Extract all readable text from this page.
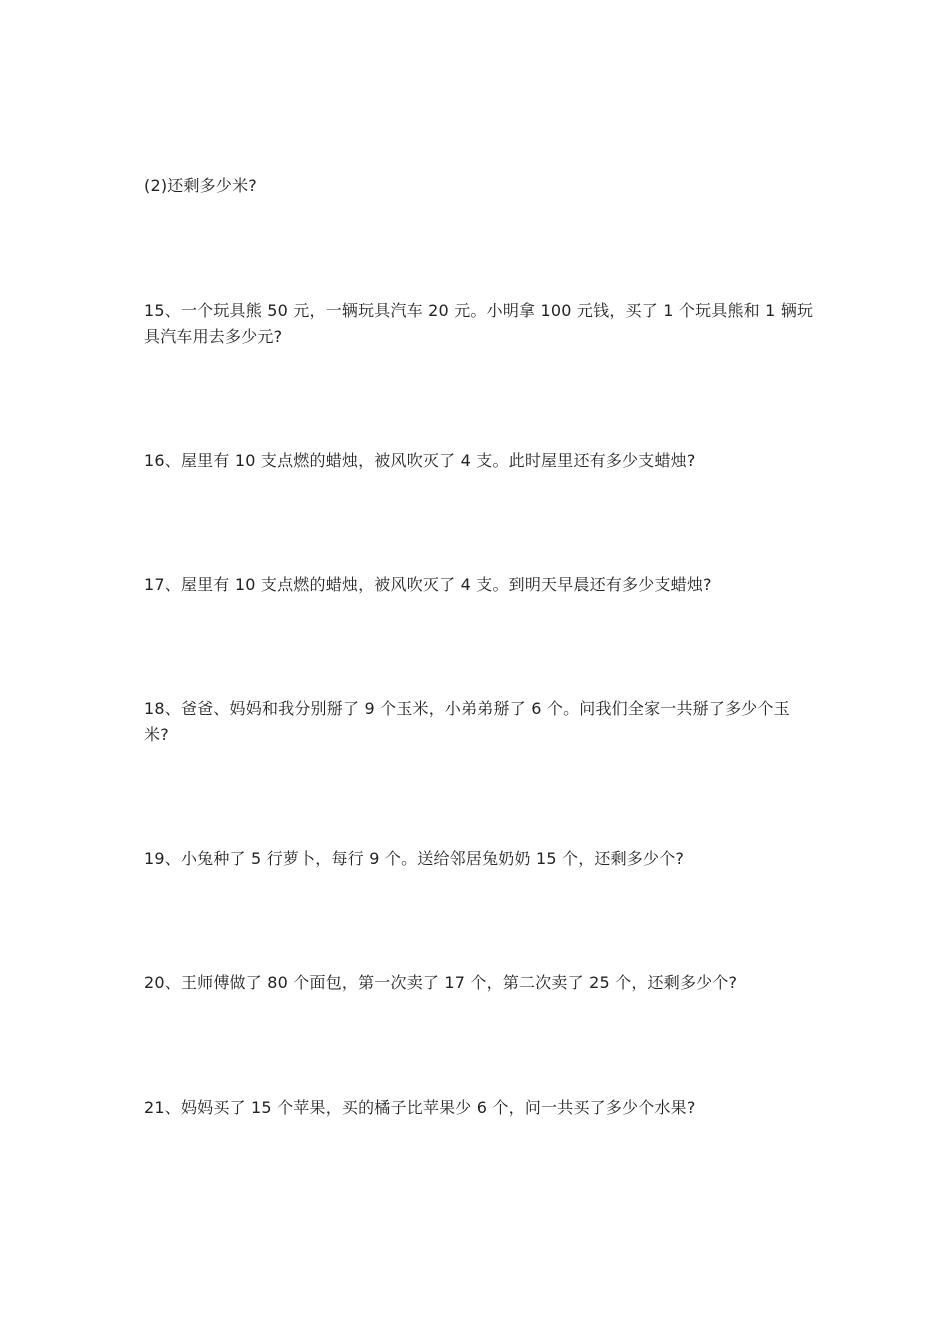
(2)还剩多少米?
15、一个玩具熊 50 元，一辆玩具汽车 20 元。小明拿 100 元钱，买了 1 个玩具熊和 1 辆玩具汽车用去多少元?
16、屋里有 10 支点燃的蜡烛，被风吹灭了 4 支。此时屋里还有多少支蜡烛?
17、屋里有 10 支点燃的蜡烛，被风吹灭了 4 支。到明天早晨还有多少支蜡烛?
18、爸爸、妈妈和我分别掰了 9 个玉米，小弟弟掰了 6 个。问我们全家一共掰了多少个玉米?
19、小兔种了 5 行萝卜，每行 9 个。送给邻居兔奶奶 15 个，还剩多少个?
20、王师傅做了 80 个面包，第一次卖了 17 个，第二次卖了 25 个，还剩多少个?
21、妈妈买了 15 个苹果，买的橘子比苹果少 6 个，问一共买了多少个水果?
